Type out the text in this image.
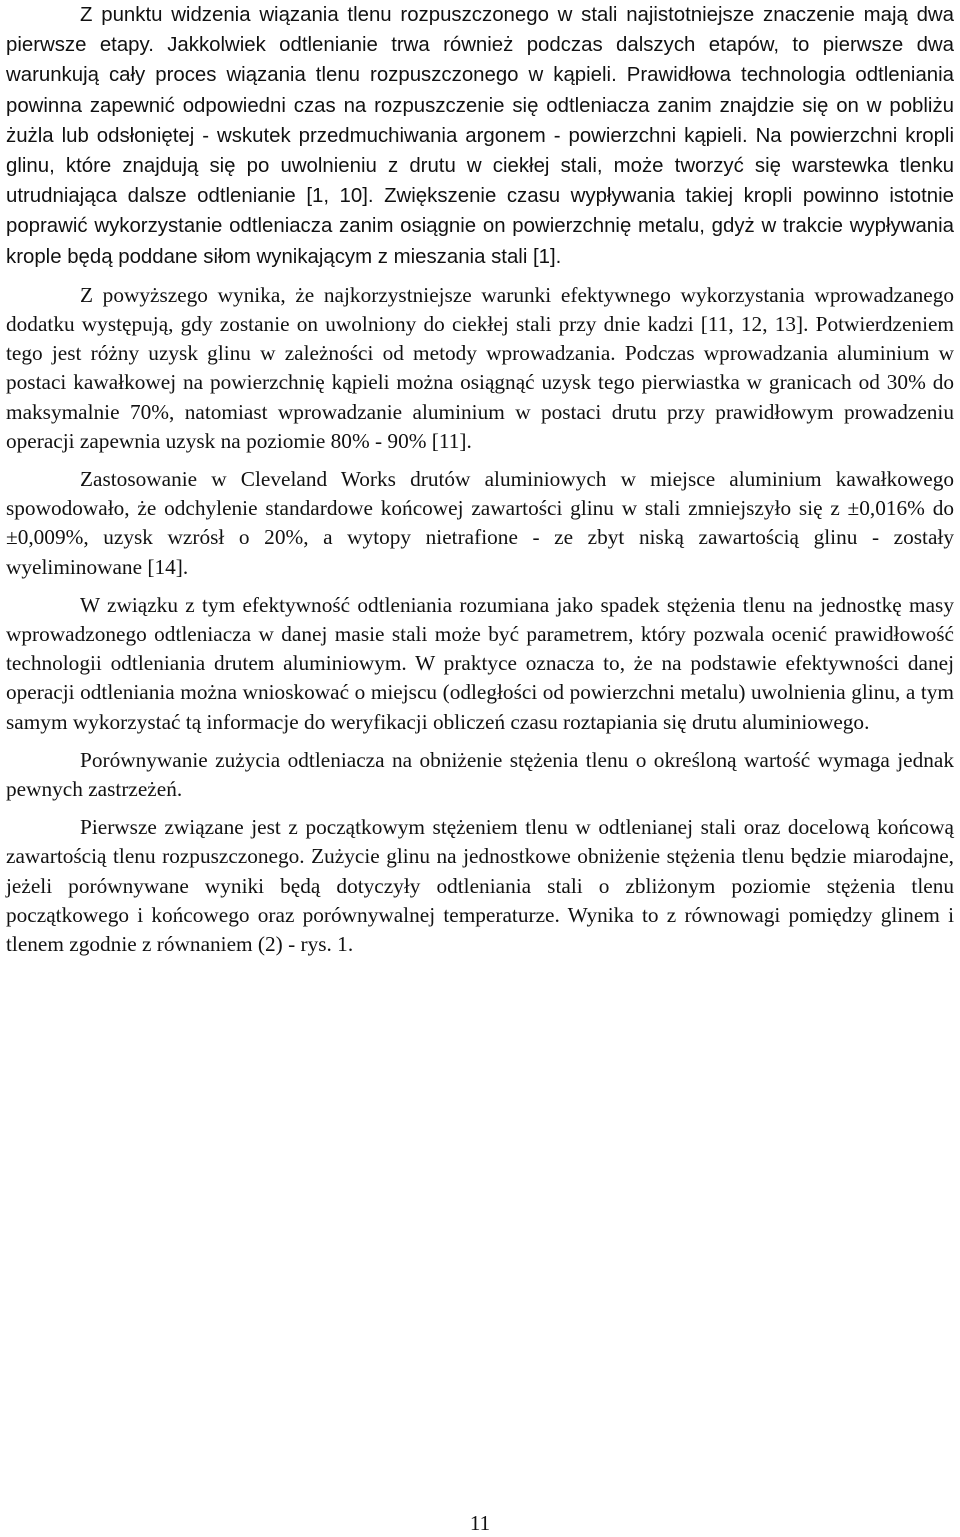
Z punktu widzenia wiązania tlenu rozpuszczonego w stali najistotniejsze znaczenie mają dwa pierwsze etapy. Jakkolwiek odtlenianie trwa również podczas dalszych etapów, to pierwsze dwa warunkują cały proces wiązania tlenu rozpuszczonego w kąpieli. Prawidłowa technologia odtleniania powinna zapewnić odpowiedni czas na rozpuszczenie się odtleniacza zanim znajdzie się on w pobliżu żużla lub odsłoniętej - wskutek przedmuchiwania argonem - powierzchni kąpieli. Na powierzchni kropli glinu, które znajdują się po uwolnieniu z drutu w ciekłej stali, może tworzyć się warstewka tlenku utrudniająca dalsze odtlenianie [1, 10]. Zwiększenie czasu wypływania takiej kropli powinno istotnie poprawić wykorzystanie odtleniacza zanim osiągnie on powierzchnię metalu, gdyż w trakcie wypływania krople będą poddane siłom wynikającym z mieszania stali [1].

Z powyższego wynika, że najkorzystniejsze warunki efektywnego wykorzystania wprowadzanego dodatku występują, gdy zostanie on uwolniony do ciekłej stali przy dnie kadzi [11, 12, 13]. Potwierdzeniem tego jest różny uzysk glinu w zależności od metody wprowadzania. Podczas wprowadzania aluminium w postaci kawałkowej na powierzchnię kąpieli można osiągnąć uzysk tego pierwiastka w granicach od 30% do maksymalnie 70%, natomiast wprowadzanie aluminium w postaci drutu przy prawidłowym prowadzeniu operacji zapewnia uzysk na poziomie 80% - 90% [11].

Zastosowanie w Cleveland Works drutów aluminiowych w miejsce aluminium kawałkowego spowodowało, że odchylenie standardowe końcowej zawartości glinu w stali zmniejszyło się z ±0,016% do ±0,009%, uzysk wzrósł o 20%, a wytopy nietrafione - ze zbyt niską zawartością glinu - zostały wyeliminowane [14].

W związku z tym efektywność odtleniania rozumiana jako spadek stężenia tlenu na jednostkę masy wprowadzonego odtleniacza w danej masie stali może być parametrem, który pozwala ocenić prawidłowość technologii odtleniania drutem aluminiowym. W praktyce oznacza to, że na podstawie efektywności danej operacji odtleniania można wnioskować o miejscu (odległości od powierzchni metalu) uwolnienia glinu, a tym samym wykorzystać tą informacje do weryfikacji obliczeń czasu roztapiania się drutu aluminiowego.

Porównywanie zużycia odtleniacza na obniżenie stężenia tlenu o określoną wartość wymaga jednak pewnych zastrzeżeń.

Pierwsze związane jest z początkowym stężeniem tlenu w odtlenianej stali oraz docelową końcową zawartością tlenu rozpuszczonego. Zużycie glinu na jednostkowe obniżenie stężenia tlenu będzie miarodajne, jeżeli porównywane wyniki będą dotyczyły odtleniania stali o zbliżonym poziomie stężenia tlenu początkowego i końcowego oraz porównywalnej temperaturze. Wynika to z równowagi pomiędzy glinem i tlenem zgodnie z równaniem (2) - rys. 1.

11
